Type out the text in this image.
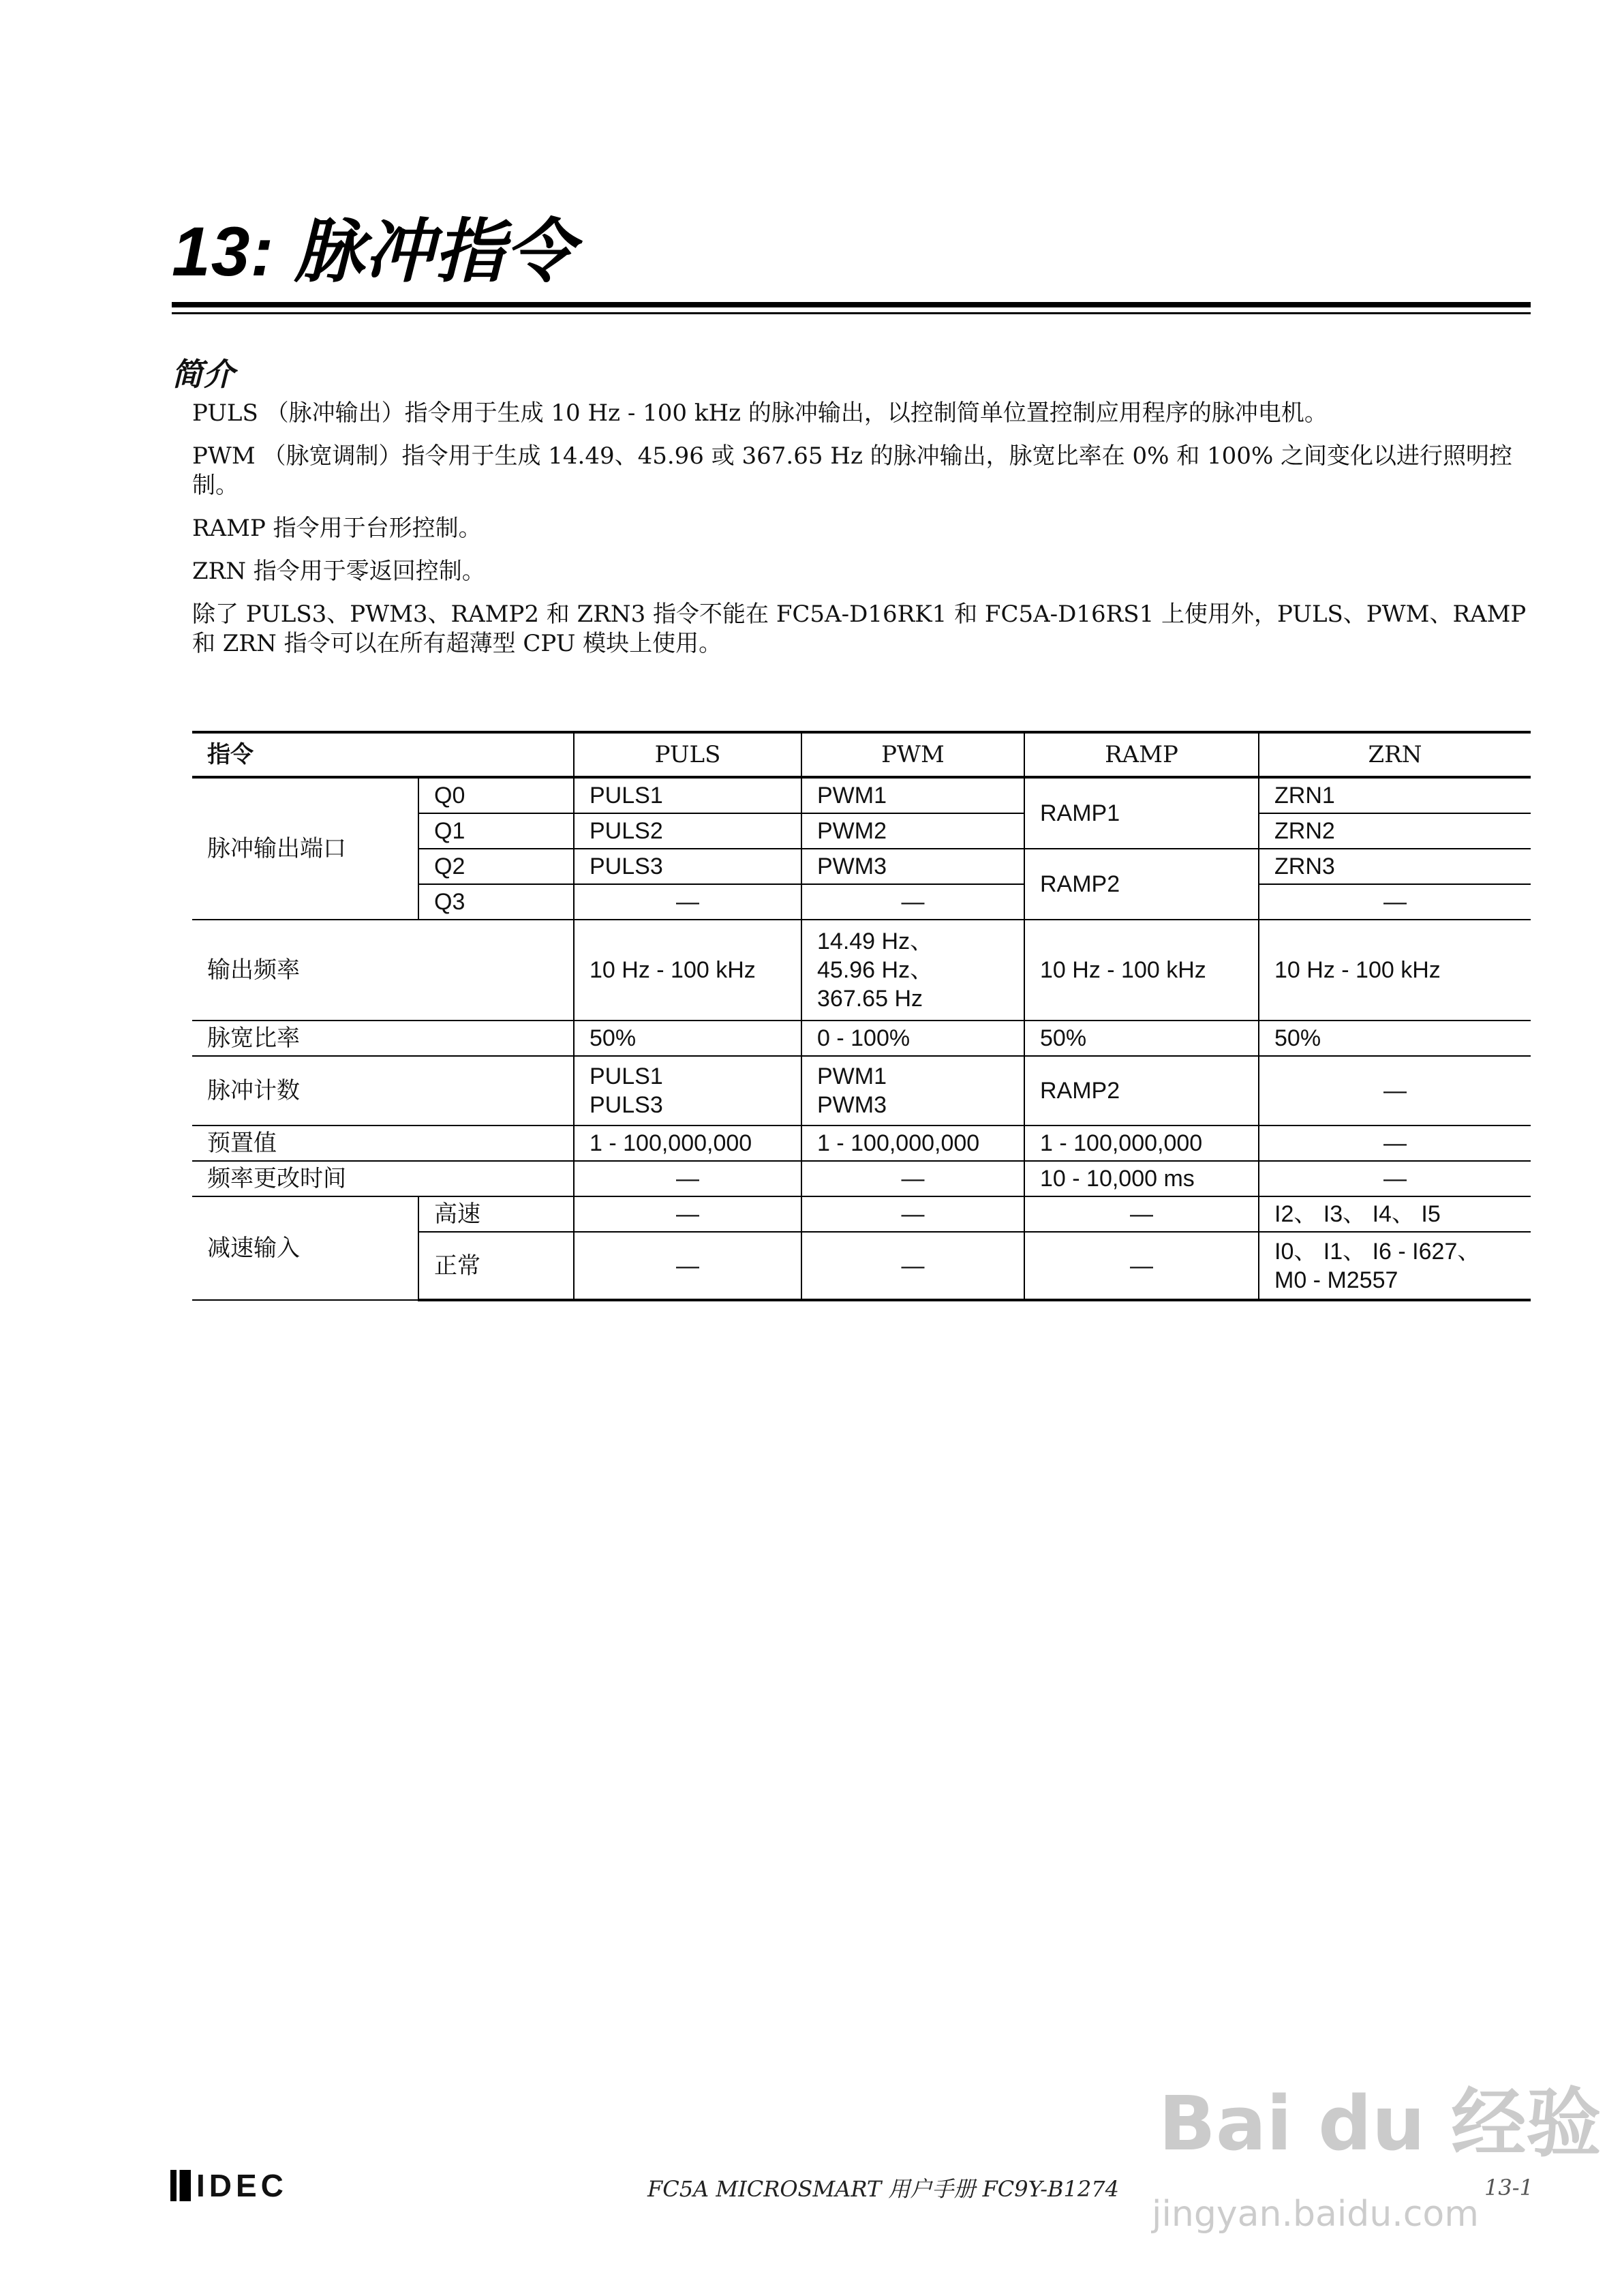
13: 脉冲指令
简介

PULS （脉冲输出）指令用于生成 10 Hz - 100 kHz 的脉冲输出，以控制简单位置控制应用程序的脉冲电机。

PWM （脉宽调制）指令用于生成 14.49、45.96 或 367.65 Hz 的脉冲输出，脉宽比率在 0% 和 100% 之间变化以进行照明控制。

RAMP 指令用于台形控制。

ZRN 指令用于零返回控制。

除了 PULS3、PWM3、RAMP2 和 ZRN3 指令不能在 FC5A-D16RK1 和 FC5A-D16RS1 上使用外，PULS、PWM、RAMP 和 ZRN 指令可以在所有超薄型 CPU 模块上使用。

指令		PULS	PWM	RAMP	ZRN
脉冲输出端口	Q0	PULS1	PWM1	RAMP1	ZRN1
	Q1	PULS2	PWM2		ZRN2
	Q2	PULS3	PWM3	RAMP2	ZRN3
	Q3	—	—		—
输出频率		10 Hz - 100 kHz	14.49 Hz、
45.96 Hz、
367.65 Hz	10 Hz - 100 kHz	10 Hz - 100 kHz
脉宽比率		50%	0 - 100%	50%	50%
脉冲计数		PULS1
PULS3	PWM1
PWM3	RAMP2	—
预置值		1 - 100,000,000	1 - 100,000,000	1 - 100,000,000	—
频率更改时间		—	—	10 - 10,000 ms	—
减速输入	高速	—	—	—	I2、 I3、 I4、 I5
	正常	—	—	—	I0、 I1、 I6 - I627、
M0 - M2557
Bai du 经验
jingyan.baidu.com
IDEC	FC5A MICROSMART 用户手册 FC9Y-B1274	13-1
